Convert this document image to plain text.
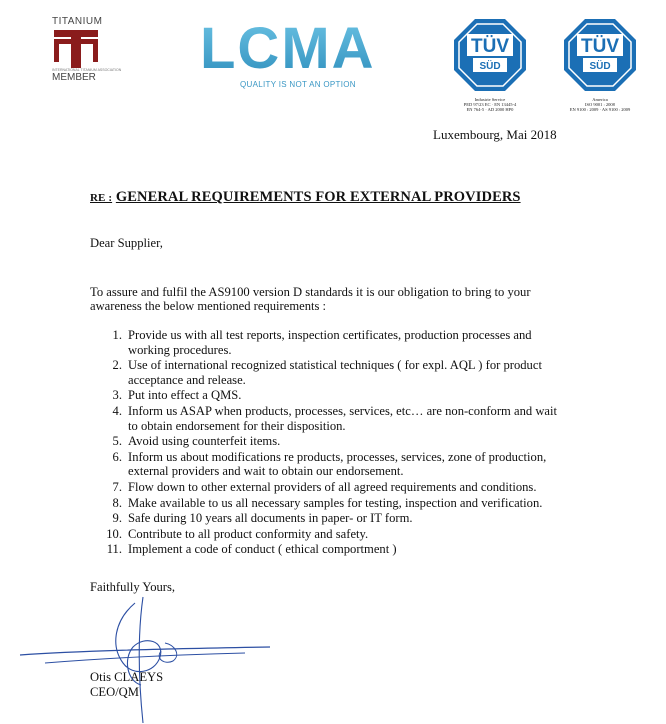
TITANIUM
INTERNATIONAL TITANIUM ASSOCIATION
MEMBER LCMA
QUALITY IS NOT AN OPTION
TÜV
SÜD
Industrie Service
PED 97/23 EC · EN 13445-4
EN 764-5 · AD 2000 HP0
TÜV
SÜD
America
ISO 9001 : 2008
EN 9100 : 2009 · AS 9100 : 2009
Luxembourg, Mai 2018
RE : GENERAL REQUIREMENTS FOR EXTERNAL PROVIDERS
Dear Supplier,
To assure and fulfil the AS9100 version D standards it is our obligation to bring to your
awareness the below mentioned requirements :
1. Provide us with all test reports, inspection certificates, production processes and
working procedures.
2. Use of international recognized statistical techniques ( for expl. AQL ) for product
acceptance and release.
3. Put into effect a QMS.
4. Inform us ASAP when products, processes, services, etc… are non-conform and wait
to obtain endorsement for their disposition.
5. Avoid using counterfeit items.
6. Inform us about modifications re products, processes, services, zone of production,
external providers and wait to obtain our endorsement.
7. Flow down to other external providers of all agreed requirements and conditions.
8. Make available to us all necessary samples for testing, inspection and verification.
9. Safe during 10 years all documents in paper- or IT form.
10. Contribute to all product conformity and safety.
11. Implement a code of conduct ( ethical comportment )
Faithfully Yours,
Otis CLAEYS
CEO/QM
